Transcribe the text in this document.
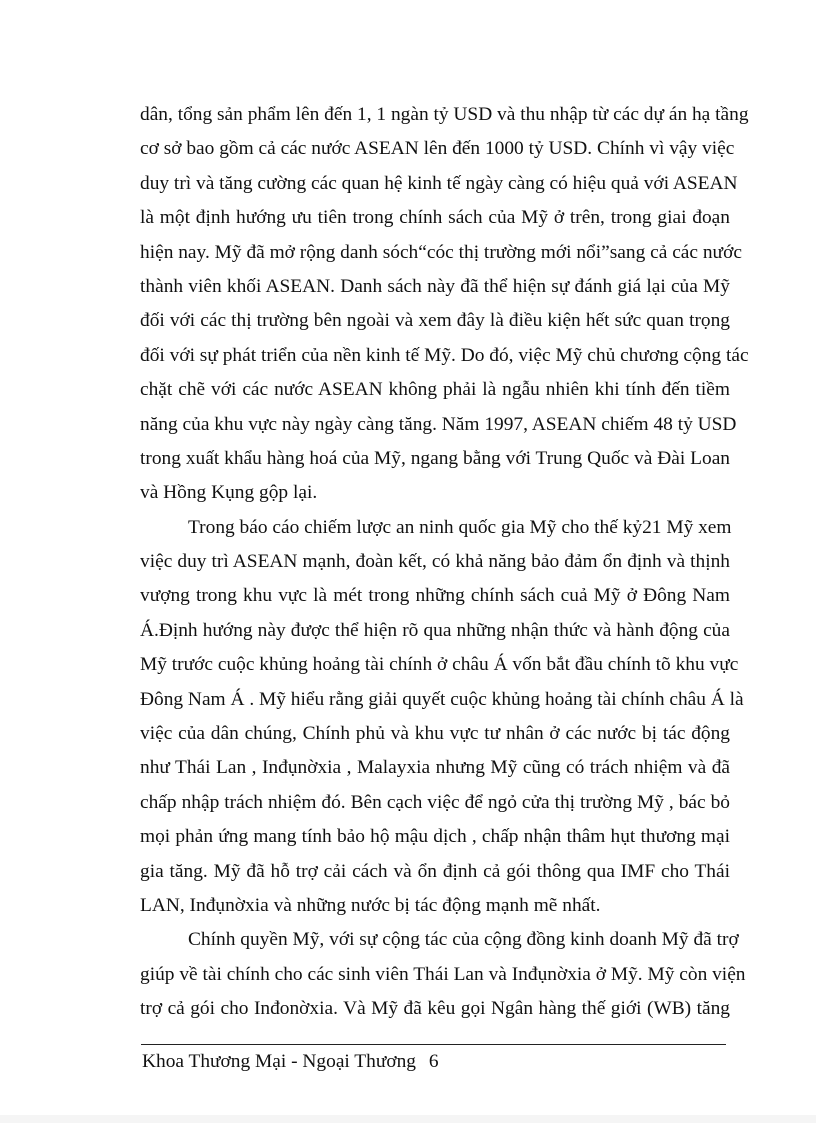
dân, tổng sản phẩm lên đến 1, 1 ngàn tỷ USD và thu nhập từ các dự án hạ tầng
cơ sở bao gồm cả các nước ASEAN lên đến 1000 tỷ USD. Chính vì vậy việc
duy trì và tăng cường các quan hệ kinh tế ngày càng có hiệu quả với ASEAN
là một định hướng ưu tiên trong chính sách của Mỹ ở trên, trong giai đoạn
hiện nay. Mỹ đã mở rộng danh sóch“cóc thị trường mới nổi”sang cả các nước
thành viên khối ASEAN. Danh sách này đã thể hiện sự đánh giá lại của Mỹ
đối với các thị trường bên ngoài và xem đây là điều kiện hết sức quan trọng
đối với sự phát triển của nền kinh tế Mỹ. Do đó, việc Mỹ chủ chương cộng tác
chặt chẽ với các nước ASEAN không phải là ngẫu nhiên khi tính đến tiềm
năng của khu vực này ngày càng tăng. Năm 1997, ASEAN chiếm 48 tỷ USD
trong xuất khẩu hàng hoá của Mỹ, ngang bằng với Trung Quốc và Đài Loan
và Hồng Kụng gộp lại.
Trong báo cáo chiếm lược an ninh quốc gia Mỹ cho thế kỷ21 Mỹ xem
việc duy trì ASEAN mạnh, đoàn kết, có khả năng bảo đảm ổn định và thịnh
vượng trong khu vực là mét trong những chính sách cuả Mỹ ở Đông Nam
Á.Định hướng này được thể hiện rõ qua những nhận thức và hành động của
Mỹ trước cuộc khủng hoảng tài chính ở châu Á vốn bắt đầu chính tõ khu vực
Đông Nam Á . Mỹ hiểu rằng giải quyết cuộc khủng hoảng tài chính châu Á là
việc của dân chúng, Chính phủ và khu vực tư nhân ở các nước bị tác động
như Thái Lan , Inđụnờxia , Malayxia nhưng Mỹ cũng có trách nhiệm và đã
chấp nhập trách nhiệm đó. Bên cạch việc để ngỏ cửa thị trường Mỹ , bác bỏ
mọi phản ứng mang tính bảo hộ mậu dịch , chấp nhận thâm hụt thương mại
gia tăng. Mỹ đã hỗ trợ cải cách và ổn định cả gói thông qua IMF cho Thái
LAN, Inđụnờxia và những nước bị tác động mạnh mẽ nhất.
Chính quyền Mỹ, với sự cộng tác của cộng đồng kinh doanh Mỹ đã trợ
giúp về tài chính cho các sinh viên Thái Lan và Inđụnờxia ở Mỹ. Mỹ còn viện
trợ cả gói cho Inđonờxia. Và Mỹ đã kêu gọi Ngân hàng thế giới (WB) tăng
Khoa Thương Mại - Ngoại Thương 6
